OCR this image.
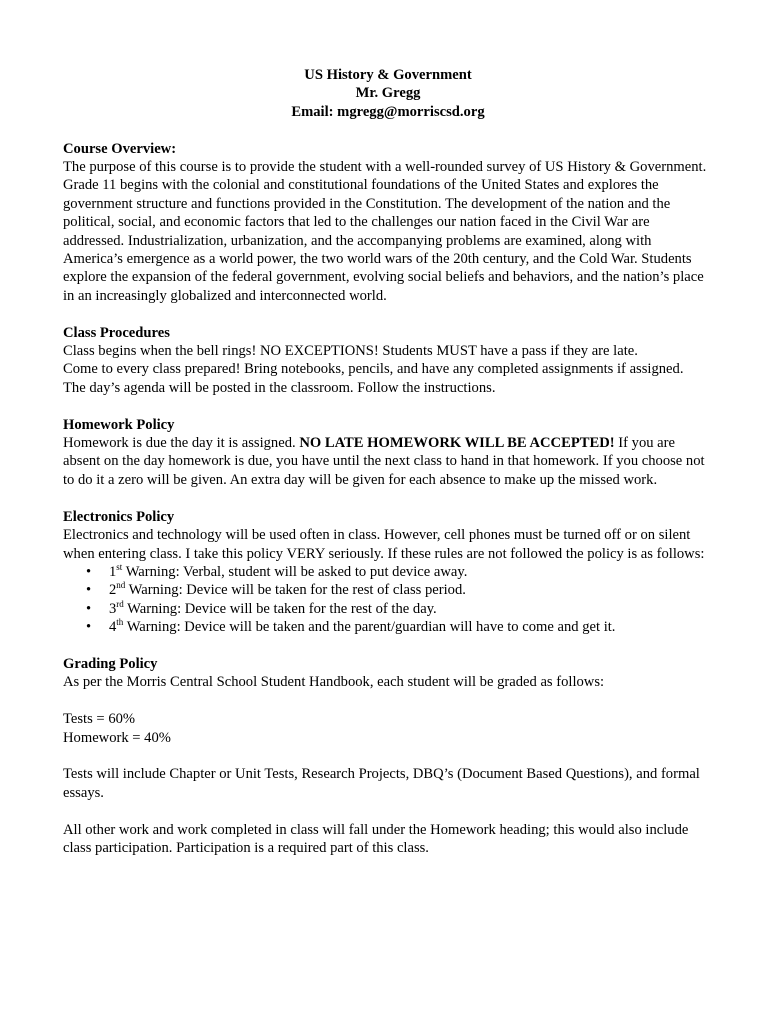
US History & Government
Mr. Gregg
Email: mgregg@morriscsd.org
Course Overview:
The purpose of this course is to provide the student with a well-rounded survey of US History & Government. Grade 11 begins with the colonial and constitutional foundations of the United States and explores the government structure and functions provided in the Constitution. The development of the nation and the political, social, and economic factors that led to the challenges our nation faced in the Civil War are addressed. Industrialization, urbanization, and the accompanying problems are examined, along with America’s emergence as a world power, the two world wars of the 20th century, and the Cold War. Students explore the expansion of the federal government, evolving social beliefs and behaviors, and the nation’s place in an increasingly globalized and interconnected world.
Class Procedures
Class begins when the bell rings! NO EXCEPTIONS! Students MUST have a pass if they are late.
Come to every class prepared! Bring notebooks, pencils, and have any completed assignments if assigned.
The day’s agenda will be posted in the classroom. Follow the instructions.
Homework Policy
Homework is due the day it is assigned. NO LATE HOMEWORK WILL BE ACCEPTED! If you are absent on the day homework is due, you have until the next class to hand in that homework. If you choose not to do it a zero will be given. An extra day will be given for each absence to make up the missed work.
Electronics Policy
Electronics and technology will be used often in class. However, cell phones must be turned off or on silent when entering class. I take this policy VERY seriously. If these rules are not followed the policy is as follows:
• 1st Warning: Verbal, student will be asked to put device away.
• 2nd Warning: Device will be taken for the rest of class period.
• 3rd Warning: Device will be taken for the rest of the day.
• 4th Warning: Device will be taken and the parent/guardian will have to come and get it.
Grading Policy
As per the Morris Central School Student Handbook, each student will be graded as follows:
Tests = 60%
Homework = 40%
Tests will include Chapter or Unit Tests, Research Projects, DBQ’s (Document Based Questions), and formal essays.
All other work and work completed in class will fall under the Homework heading; this would also include class participation. Participation is a required part of this class.
